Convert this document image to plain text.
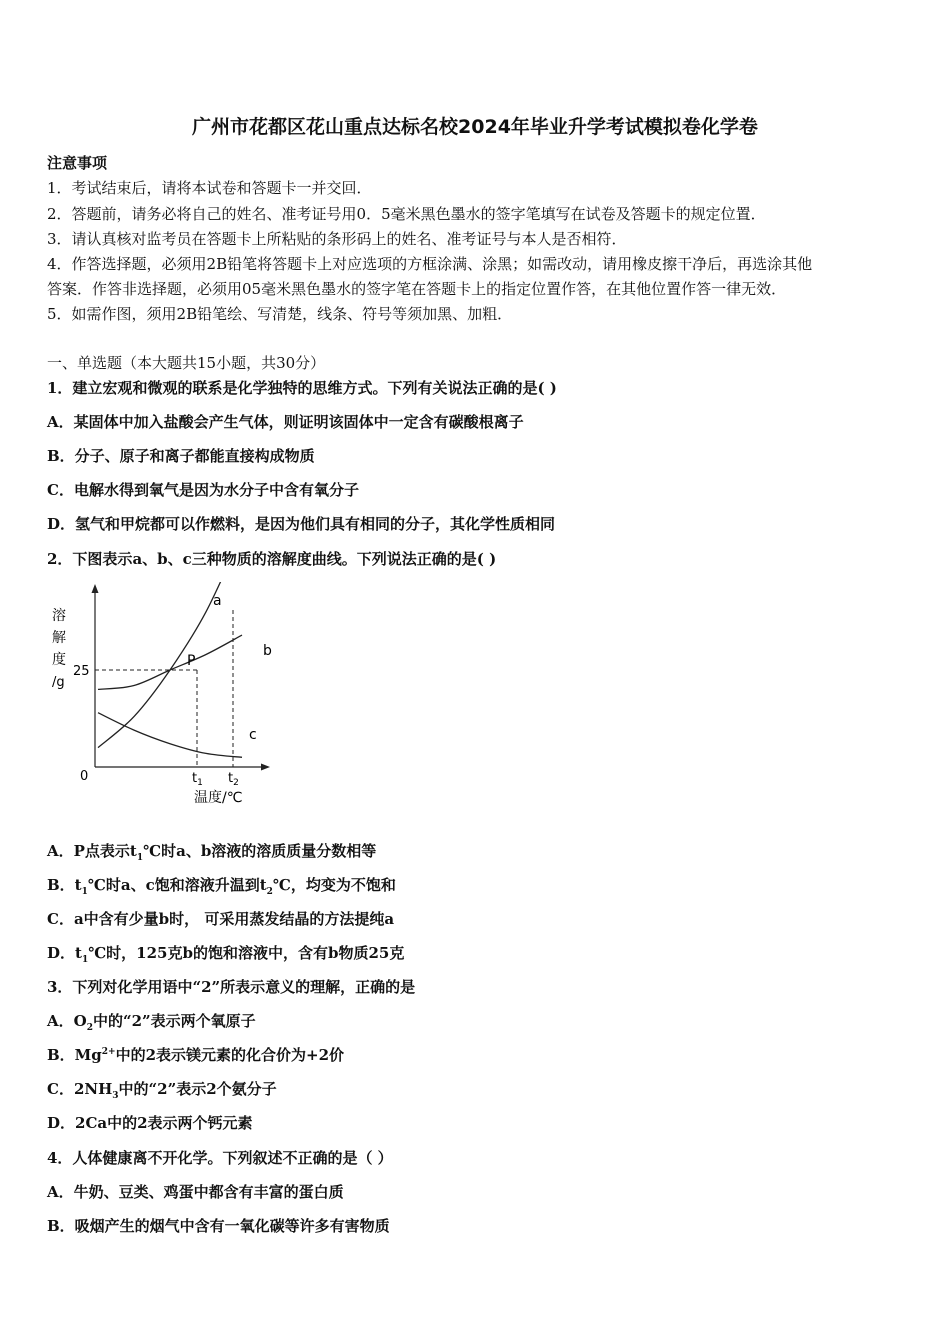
广州市花都区花山重点达标名校2024年毕业升学考试模拟卷化学卷
注意事项
1．考试结束后，请将本试卷和答题卡一并交回．
2．答题前，请务必将自己的姓名、准考证号用0．5毫米黑色墨水的签字笔填写在试卷及答题卡的规定位置．
3．请认真核对监考员在答题卡上所粘贴的条形码上的姓名、准考证号与本人是否相符．
4．作答选择题，必须用2B铅笔将答题卡上对应选项的方框涂满、涂黑；如需改动，请用橡皮擦干净后，再选涂其他
答案．作答非选择题，必须用05毫米黑色墨水的签字笔在答题卡上的指定位置作答，在其他位置作答一律无效．
5．如需作图，须用2B铅笔绘、写清楚，线条、符号等须加黑、加粗．
一、单选题（本大题共15小题，共30分）
1．建立宏观和微观的联系是化学独特的思维方式。下列有关说法正确的是( )
A．某固体中加入盐酸会产生气体，则证明该固体中一定含有碳酸根离子
B．分子、原子和离子都能直接构成物质
C．电解水得到氧气是因为水分子中含有氧分子
D．氢气和甲烷都可以作燃料，是因为他们具有相同的分子，其化学性质相同
2．下图表示a、b、c三种物质的溶解度曲线。下列说法正确的是( )
溶
解
度
/g
25
0	$t_1$ $t_2$
温度/℃
P
a
b
c
A．P点表示$t_1℃$时a、b溶液的溶质质量分数相等
B．$t_1℃$时a、c饱和溶液升温到$t_2℃$，均变为不饱和
C．a中含有少量b时， 可采用蒸发结晶的方法提纯a
D．$t_1℃$时，125克b的饱和溶液中，含有b物质25克
3．下列对化学用语中“2”所表示意义的理解，正确的是
A．$O_2$中的“2”表示两个氧原子
B．$Mg^{2+}$中的2表示镁元素的化合价为+2价
C．$2NH_3$中的“2”表示2个氨分子
D．2Ca中的2表示两个钙元素
4．人体健康离不开化学。下列叙述不正确的是（ ）
A．牛奶、豆类、鸡蛋中都含有丰富的蛋白质
B．吸烟产生的烟气中含有一氧化碳等许多有害物质
